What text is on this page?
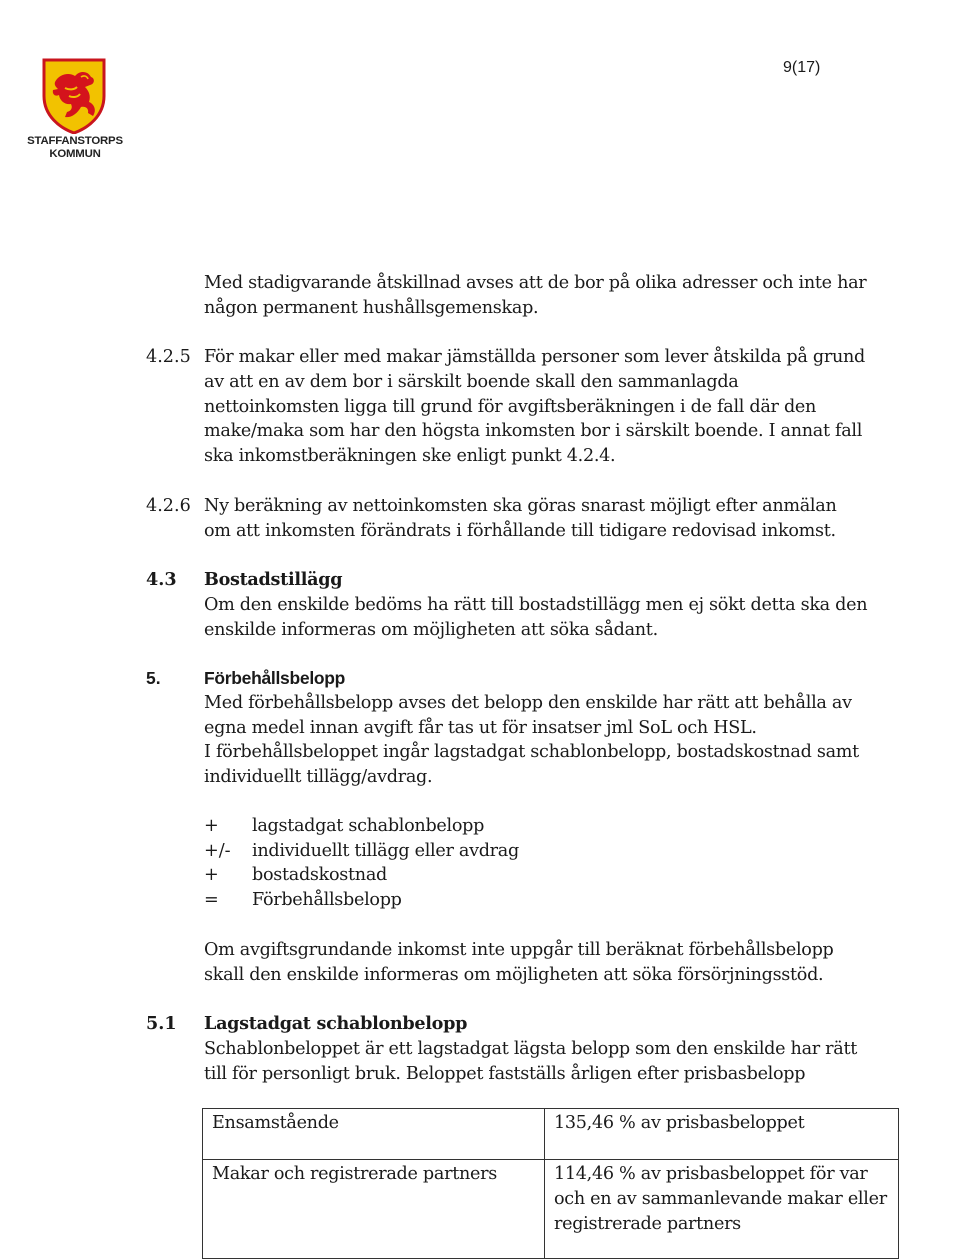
9(17)
STAFFANSTORPS
KOMMUN
Med stadigvarande åtskillnad avses att de bor på olika adresser och inte har
någon permanent hushållsgemenskap.
4.2.5 För makar eller med makar jämställda personer som lever åtskilda på grund
av att en av dem bor i särskilt boende skall den sammanlagda
nettoinkomsten ligga till grund för avgiftsberäkningen i de fall där den
make/maka som har den högsta inkomsten bor i särskilt boende. I annat fall
ska inkomstberäkningen ske enligt punkt 4.2.4.
4.2.6 Ny beräkning av nettoinkomsten ska göras snarast möjligt efter anmälan
om att inkomsten förändrats i förhållande till tidigare redovisad inkomst.
4.3 Bostadstillägg
Om den enskilde bedöms ha rätt till bostadstillägg men ej sökt detta ska den
enskilde informeras om möjligheten att söka sådant.
5. Förbehållsbelopp
Med förbehållsbelopp avses det belopp den enskilde har rätt att behålla av
egna medel innan avgift får tas ut för insatser jml SoL och HSL.
I förbehållsbeloppet ingår lagstadgat schablonbelopp, bostadskostnad samt
individuellt tillägg/avdrag.
+ lagstadgat schablonbelopp
+/- individuellt tillägg eller avdrag
+ bostadskostnad
= Förbehållsbelopp
Om avgiftsgrundande inkomst inte uppgår till beräknat förbehållsbelopp
skall den enskilde informeras om möjligheten att söka försörjningsstöd.
5.1 Lagstadgat schablonbelopp
Schablonbeloppet är ett lagstadgat lägsta belopp som den enskilde har rätt
till för personligt bruk. Beloppet fastställs årligen efter prisbasbelopp
Ensamstående	135,46 % av prisbasbeloppet

Makar och registrerade partners	114,46 % av prisbasbeloppet för var
och en av sammanlevande makar eller
registrerade partners
